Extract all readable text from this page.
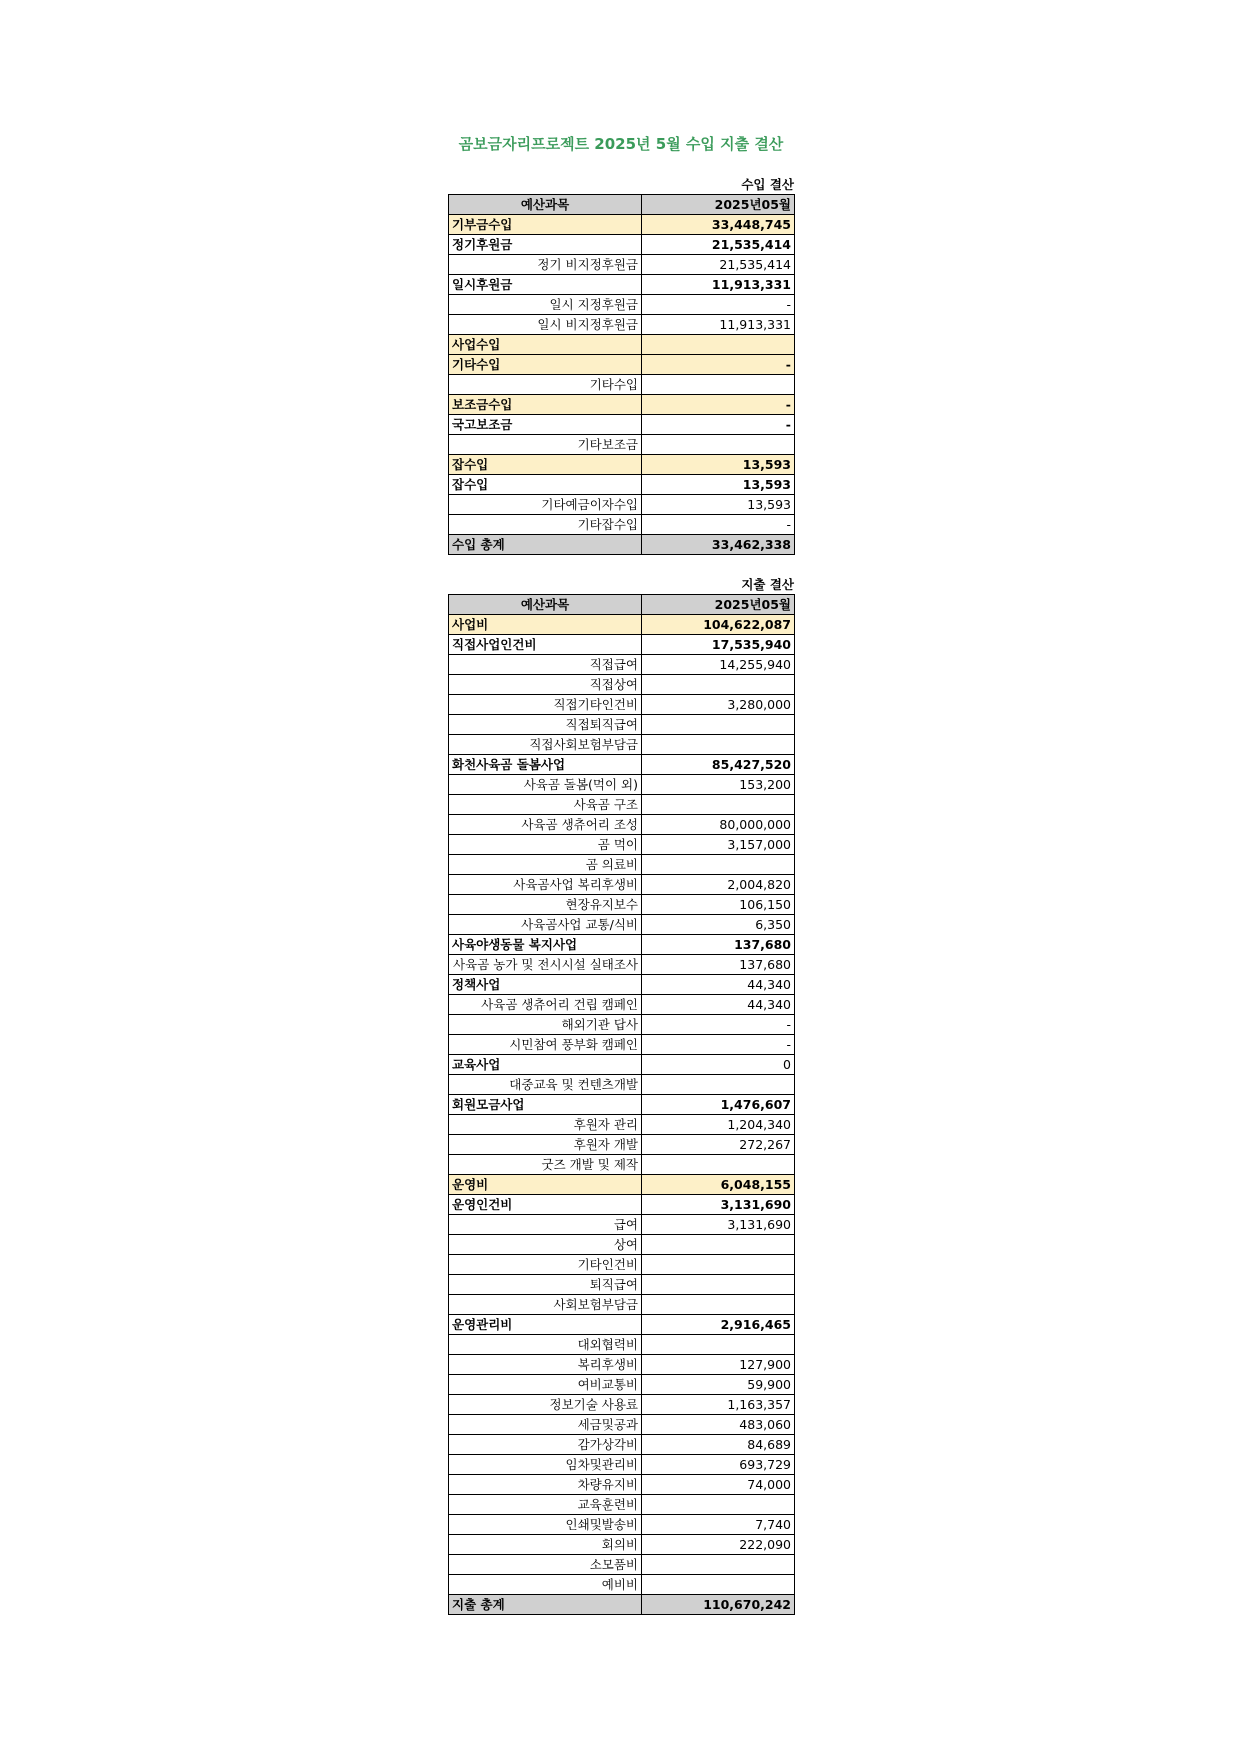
곰보금자리프로젝트 2025년 5월 수입 지출 결산
수입 결산
예산과목	2025년05월
기부금수입	33,448,745
정기후원금	21,535,414
정기 비지정후원금	21,535,414
일시후원금	11,913,331
일시 지정후원금	-
일시 비지정후원금	11,913,331
사업수입	
기타수입	-
기타수입	
보조금수입	-
국고보조금	-
기타보조금	
잡수입	13,593
잡수입	13,593
기타예금이자수입	13,593
기타잡수입	-
수입 총계	33,462,338
지출 결산
예산과목	2025년05월
사업비	104,622,087
직접사업인건비	17,535,940
직접급여	14,255,940
직접상여	
직접기타인건비	3,280,000
직접퇴직급여	
직접사회보험부담금	
화천사육곰 돌봄사업	85,427,520
사육곰 돌봄(먹이 외)	153,200
사육곰 구조	
사육곰 생츄어리 조성	80,000,000
곰 먹이	3,157,000
곰 의료비	
사육곰사업 복리후생비	2,004,820
현장유지보수	106,150
사육곰사업 교통/식비	6,350
사육야생동물 복지사업	137,680
사육곰 농가 및 전시시설 실태조사	137,680
정책사업	44,340
사육곰 생츄어리 건립 캠페인	44,340
해외기관 답사	-
시민참여 풍부화 캠페인	-
교육사업	0
대중교육 및 컨텐츠개발	
회원모금사업	1,476,607
후원자 관리	1,204,340
후원자 개발	272,267
굿즈 개발 및 제작	
운영비	6,048,155
운영인건비	3,131,690
급여	3,131,690
상여	
기타인건비	
퇴직급여	
사회보험부담금	
운영관리비	2,916,465
대외협력비	
복리후생비	127,900
여비교통비	59,900
정보기술 사용료	1,163,357
세금및공과	483,060
감가상각비	84,689
임차및관리비	693,729
차량유지비	74,000
교육훈련비	
인쇄및발송비	7,740
회의비	222,090
소모품비	
예비비	
지출 총계	110,670,242
